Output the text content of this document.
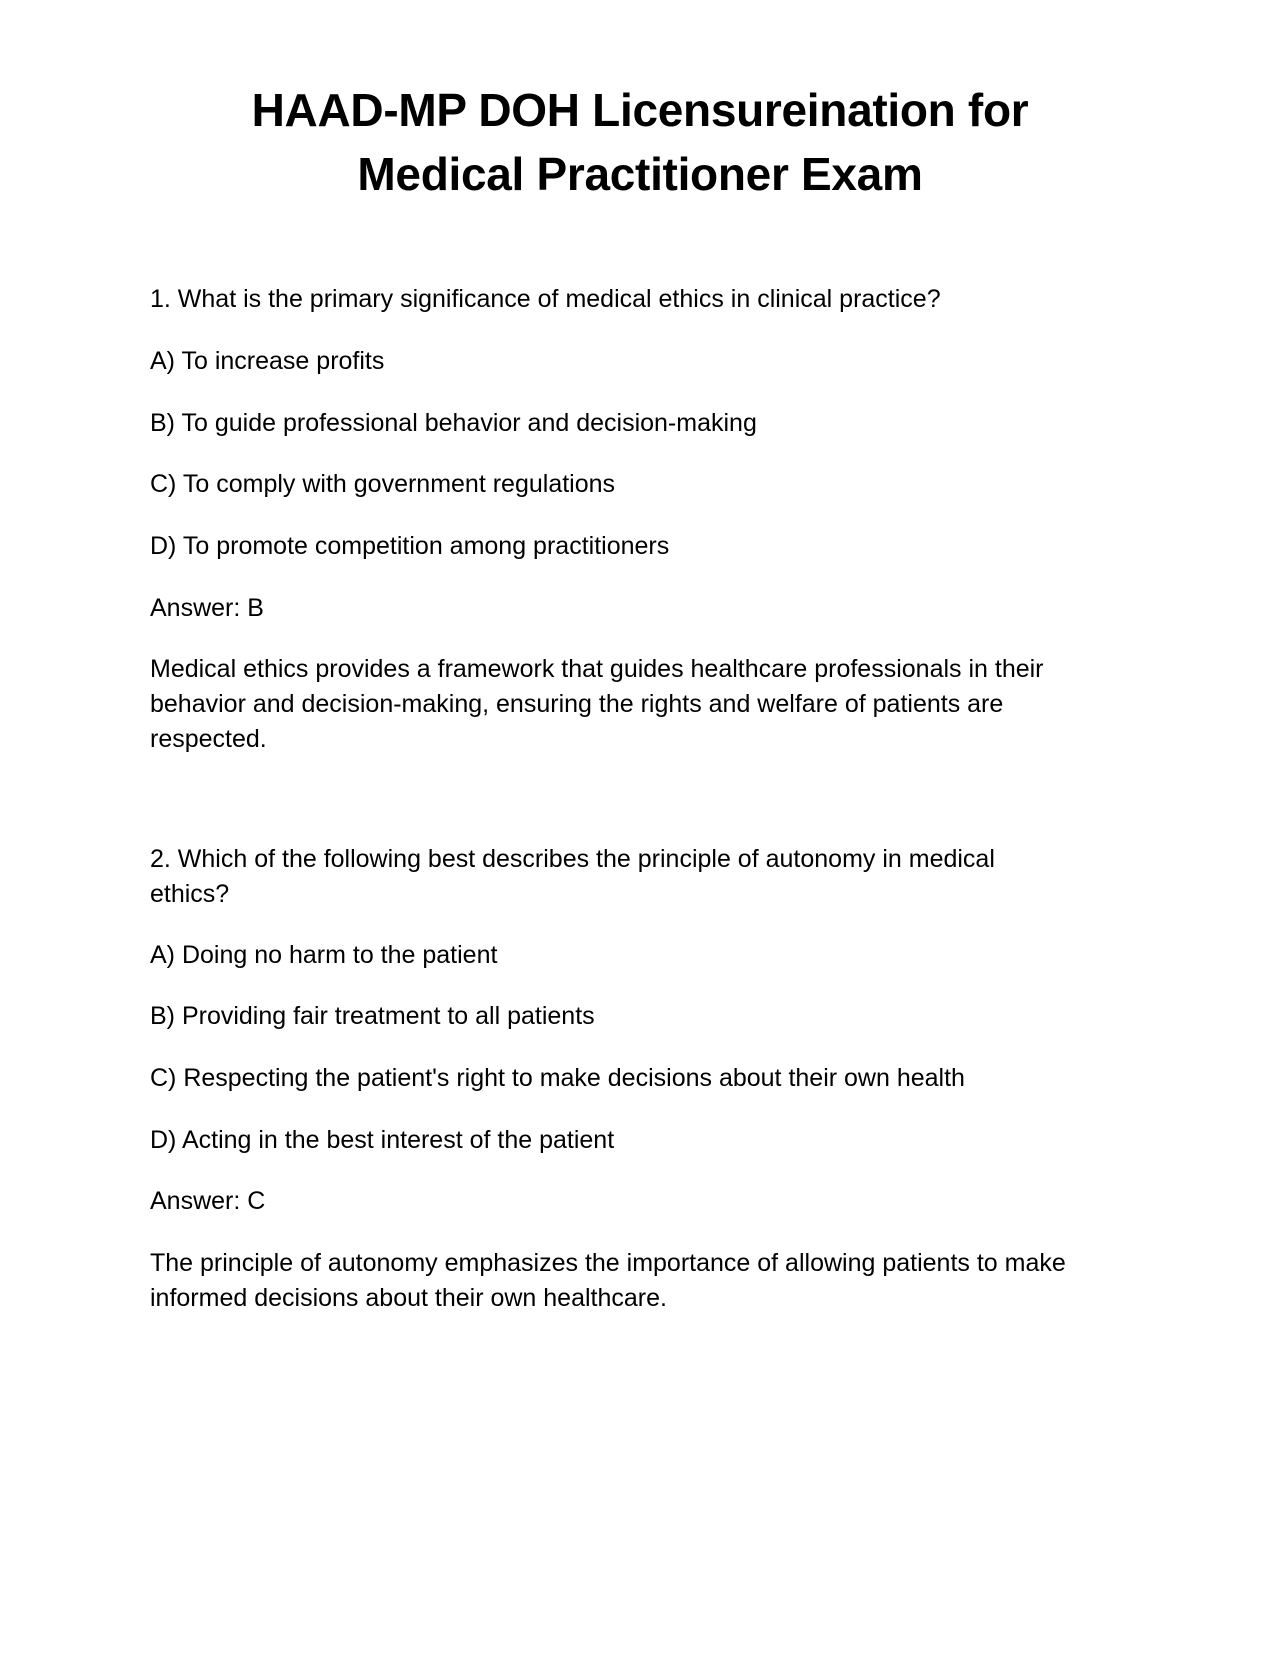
HAAD-MP DOH Licensureination for
Medical Practitioner Exam
1. What is the primary significance of medical ethics in clinical practice?
A) To increase profits
B) To guide professional behavior and decision-making
C) To comply with government regulations
D) To promote competition among practitioners
Answer: B
Medical ethics provides a framework that guides healthcare professionals in their behavior and decision-making, ensuring the rights and welfare of patients are respected.
2. Which of the following best describes the principle of autonomy in medical ethics?
A) Doing no harm to the patient
B) Providing fair treatment to all patients
C) Respecting the patient's right to make decisions about their own health
D) Acting in the best interest of the patient
Answer: C
The principle of autonomy emphasizes the importance of allowing patients to make informed decisions about their own healthcare.
